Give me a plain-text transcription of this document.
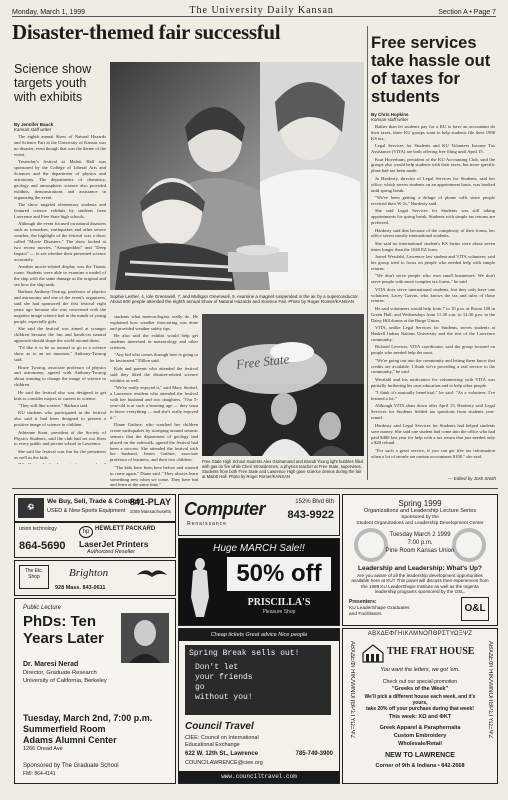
Monday, March 1, 1999	The University Daily Kansan	Section A • Page 7
Disaster-themed fair successful
Science show targets youth with exhibits
By Jennifer Bauck
Kansan staff writer

The eighth annual Show of Natural Hazards and Science Fair at the University of Kansas was no disaster, even though that was the theme of the event.

Yesterday's festival at Malott Hall was sponsored by the College of Liberal Arts and Sciences and the department of physics and astronomy. The departments of chemistry, geology and atmospheric science also provided exhibits, demonstrations and assistance in organizing the event.

The show targeted elementary students and featured science exhibits by students from Lawrence and Free State high schools.

Although the event focused on natural disasters such as tornadoes, earthquakes and other severe weather, the highlight of the festival was a show called "Movie Disasters." The show looked at two recent movies, "Armageddon" and "Deep Impact" — to see whether their presented science accurately.

Another movie-related display was the Titanic room. Students were able to examine a model of the ship with the same damage as the original and see how the ship sank.

Barbara Anthony-Twarog, professor of physics and astronomy and one of the event's organizers, said she had sponsored the first festival eight years ago because she was concerned with the negative image science had in the minds of young people, especially girls.

She said the festival was aimed at younger children because the fun and hands-on natural approach should shape the world around them.

"I'd like it to be so normal to go to a science show as to an art museum," Anthony-Twarog said.

Bruce Twarog, associate professor of physics and astronomy, agreed with Anthony-Twarog about wanting to change the image of science to children.

He said the festival also was designed to get kids to consider majors or careers in science.

"They still like science," Barbara said.

KU students who participated in the festival also said it had been designed to present a positive image of science to children.

Adrienne Stout, president of the Society of Physics Students, said the club had set out fliers to every public and private school in Lawrence.

She said the festival was fun for the presenters as well as the kids.

Sophie Lesher, 4, Iole Greenwell, 7, and Mulligan Greenwell, 9, examine a magnet suspended in the air by a superconductor. About 600 people attended the eighth annual Show of Natural Hazards and Science Fair. Photo by Roger Romer/KANSAN

students what meteorologists really do. He explained how weather forecasting was done and provided weather safety tips.

He also said the exhibit would help get students interested in meteorology and other sciences.

"Any kid who comes through here is going to be fascinated," Dillon said.

Kids and parents who attended the festival said they liked the disaster-related science exhibits as well.

"We've really enjoyed it," said Mary Strobel, a Lawrence resident who attended the festival with her husband and two daughters. "Our 5-year-old is at such a learning age — they want to know everything — and she's really enjoyed it."

Diane Guthrie, who watched her children create earthquakes by stomping around seismic sensors that the department of geology had placed on the sidewalk, agreed the festival had been a success. She attended the festival with her husband, James Guthrie, associate professor of business, and their two children.

"The kids have been here before and wanted to come again," Diane said. "They always learn something new when we come. They have fun and learn at the same time."

Free State
Free State High School students Alex Grahamand and Brandi Young light bubbles filled with gas on fire while Cheri Strowdermen, a physics teacher at Free State, supervises. Students from both Free State and Lawrence High gave science demos during the fair at Malott Hall. Photo by Roger Romer/KANSAN
Free services take hassle out of taxes for students
By Chris Hopkins
Kansan staff writer

Rather than let students pay for a KU to have an accountant do their taxes, three KU groups want to help students file their 1998 KS tax.

Legal Services for Students and KU Volunteer Income Tax Assistance (VITA) are both offering free filing until April 15.

Kurt Hoverbum, president of the KU Accounting Club, said the groups also would help students with their taxes, but more specific plans had not been made.

Jo Hardesty, director of Legal Services for Students, said her office, which serves students on an appointment basis, was booked until spring break.

"We've been getting a deluge of phone calls since people received their W-2s," Hardesty said.

She said Legal Services for Students was still taking appointments for spring break. Students with simple tax returns are preferred.

Hardesty said that because of the complexity of their forms, her office serves mostly international students.

She said no international student's KS forms were about seven times longer than the 1040 EZ form.

Jarrod Westfahl, Lawrence law student and VITA volunteer, said his group tried to focus on people who needed help with simple returns.

"We don't serve people who own small businesses. We don't serve people with more complex tax forms," he said.

VITA does serve international students, but they only have one volunteer, Lacey Garvin, who knows the tax and rules of those returns.

He said volunteers would help from 7 to 10 p.m. at Room 108 in Green Hall, and Wednesdays from 11:30 a.m. to 12:30 p.m. in the Daisy Hill dorms at the Burge Union.

VITA, unlike Legal Services for Students, serves students at Haskell Indian Nations University and the rest of the Lawrence community.

Richard Leveson, VITA coordinator, said the group focused on people who needed help the most.

"We're going out into the community and letting them know that credits are available. I think we're providing a real service to the community," he said.

Westfahl and his motivation for volunteering with VITA was partially furthering his own education and to help other people.

"I think it's mutually beneficial," he said. "As a volunteer, I've learned a lot."

Although VITA shuts down after April 15, Hardesty said Legal Services for Students fielded tax questions from students year-round.

Hardesty said Legal Services for Students had helped students save money. She said one student had come into the office who had paid $400 last year for help with a tax return that just needed only a $20 refund.

"For such a great service, if you can get free tax information when a lot of people are paying accountants $100," she said.

— Edited by Josh Smith
⚽
We Buy, Sell, Trade & Consign
USED & New Sports Equipment
841-PLAY
1009 Massachusetts
union technology
864-5690
hp HEWLETT PACKARD
LaserJet Printers
Authorized Reseller
The Etc. Shop	Brighton
928 Mass. 843-0611
Public Lecture
PhDs: Ten Years Later
Dr. Maresi Nerad
Director, Graduate Research
University of California, Berkeley
Tuesday, March 2nd, 7:00 p.m.
Summerfield Room
Adams Alumni Center
1266 Oread Ave
Sponsored by The Graduate School
FMI: 864-4141
Computer
Renaissance
152% Blvd 6th
843-9922
Huge MARCH Sale!!
50% off
PRISCILLA'S
Pleasure Shop
Cheap tickets Great advice Nice people
Spring Break sells out!
Don't let
your friends
go
without you!
Council Travel
CIEE: Council on International
Educational Exchange
622 W. 12th St., Lawrence	785-749-3900
COUNCILAWRENCE@ciee.org
www.counciltravel.com
Spring 1999
Organizations and Leadership Lecture Series
Sponsored by the
Student Organizations and Leadership Development Center
Tuesday March 2 1999
7:00 p.m.
Pine Room Kansas Union
Leadership and Leadership: What's Up?
Are you aware of all the leadership development opportunities available here at KU? This panel will discuss their experiences from the 1999 KU LeaderShape Institute as well as the Ingenta leadership programs sponsored by the OSL.
Presenters:
KU LeaderShape Graduates
and Facilitators
O&L
ΑΒΧΔΕΦΓΗΙΚΛΜΝΟΠΘΡΣΤΥΩΞΨΖ
ΑΒΧΔΕΦΓΗΙΚΛΜΝΟΠΘΡΣΤΥΩΞΨΖ	ΑΒΧΔΕΦΓΗΙΚΛΜΝΟΠΘΡΣΤΥΩΞΨΖ
THE FRAT HOUSE
You want the letters, we got 'em.
Check out our special promotion
"Greeks of the Week"
We'll pick a different house each week, and it's yours,
take 20% off your purchase during that week!
This week: XΩ and ΦKT
Greek Apparel & Paraphernalia
Custom Embroidery
Wholesale/Retail
NEW TO LAWRENCE
Corner of 9th & Indiana • 842-2668
